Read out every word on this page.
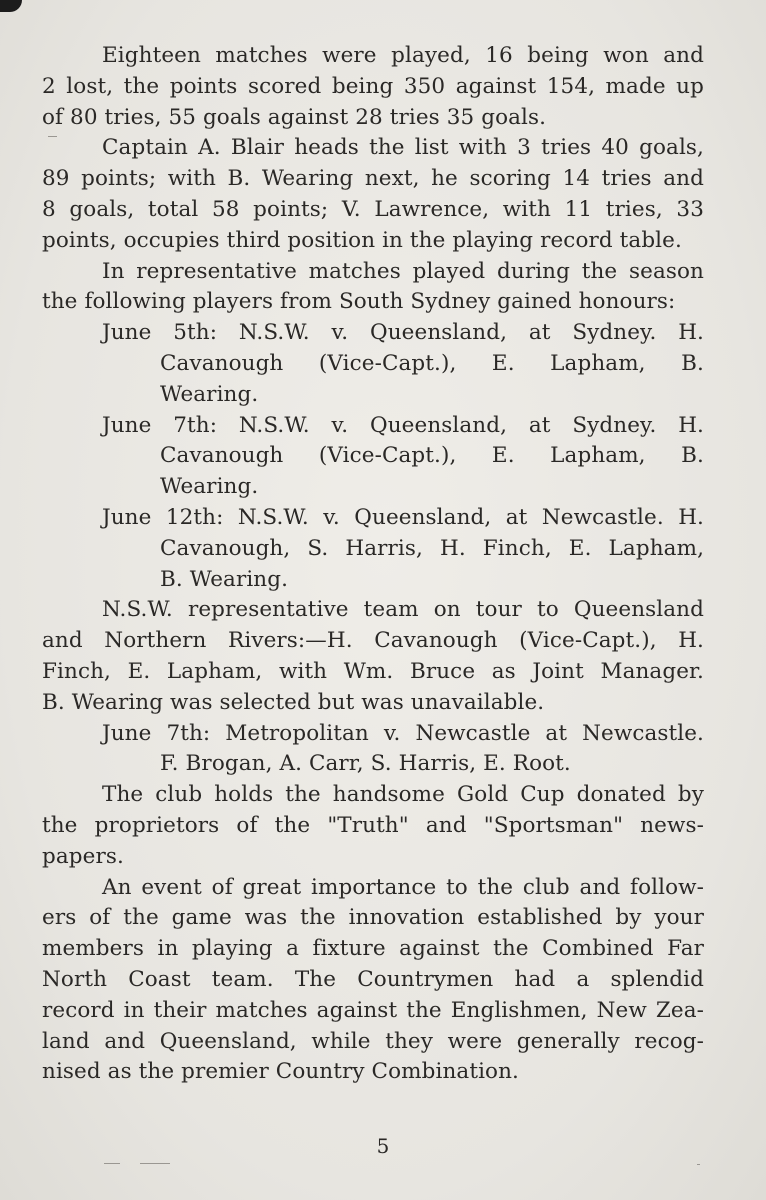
Eighteen matches were played, 16 being won and
2 lost, the points scored being 350 against 154, made up
of 80 tries, 55 goals against 28 tries 35 goals.
Captain A. Blair heads the list with 3 tries 40 goals,
89 points; with B. Wearing next, he scoring 14 tries and
8 goals, total 58 points; V. Lawrence, with 11 tries, 33
points, occupies third position in the playing record table.
In representative matches played during the season
the following players from South Sydney gained honours:
June 5th: N.S.W. v. Queensland, at Sydney. H.
Cavanough (Vice-Capt.), E. Lapham, B.
Wearing.
June 7th: N.S.W. v. Queensland, at Sydney. H.
Cavanough (Vice-Capt.), E. Lapham, B.
Wearing.
June 12th: N.S.W. v. Queensland, at Newcastle. H.
Cavanough, S. Harris, H. Finch, E. Lapham,
B. Wearing.
N.S.W. representative team on tour to Queensland
and Northern Rivers:—H. Cavanough (Vice-Capt.), H.
Finch, E. Lapham, with Wm. Bruce as Joint Manager.
B. Wearing was selected but was unavailable.
June 7th: Metropolitan v. Newcastle at Newcastle.
F. Brogan, A. Carr, S. Harris, E. Root.
The club holds the handsome Gold Cup donated by
the proprietors of the "Truth" and "Sportsman" news-
papers.
An event of great importance to the club and follow-
ers of the game was the innovation established by your
members in playing a fixture against the Combined Far
North Coast team. The Countrymen had a splendid
record in their matches against the Englishmen, New Zea-
land and Queensland, while they were generally recog-
nised as the premier Country Combination.
5
